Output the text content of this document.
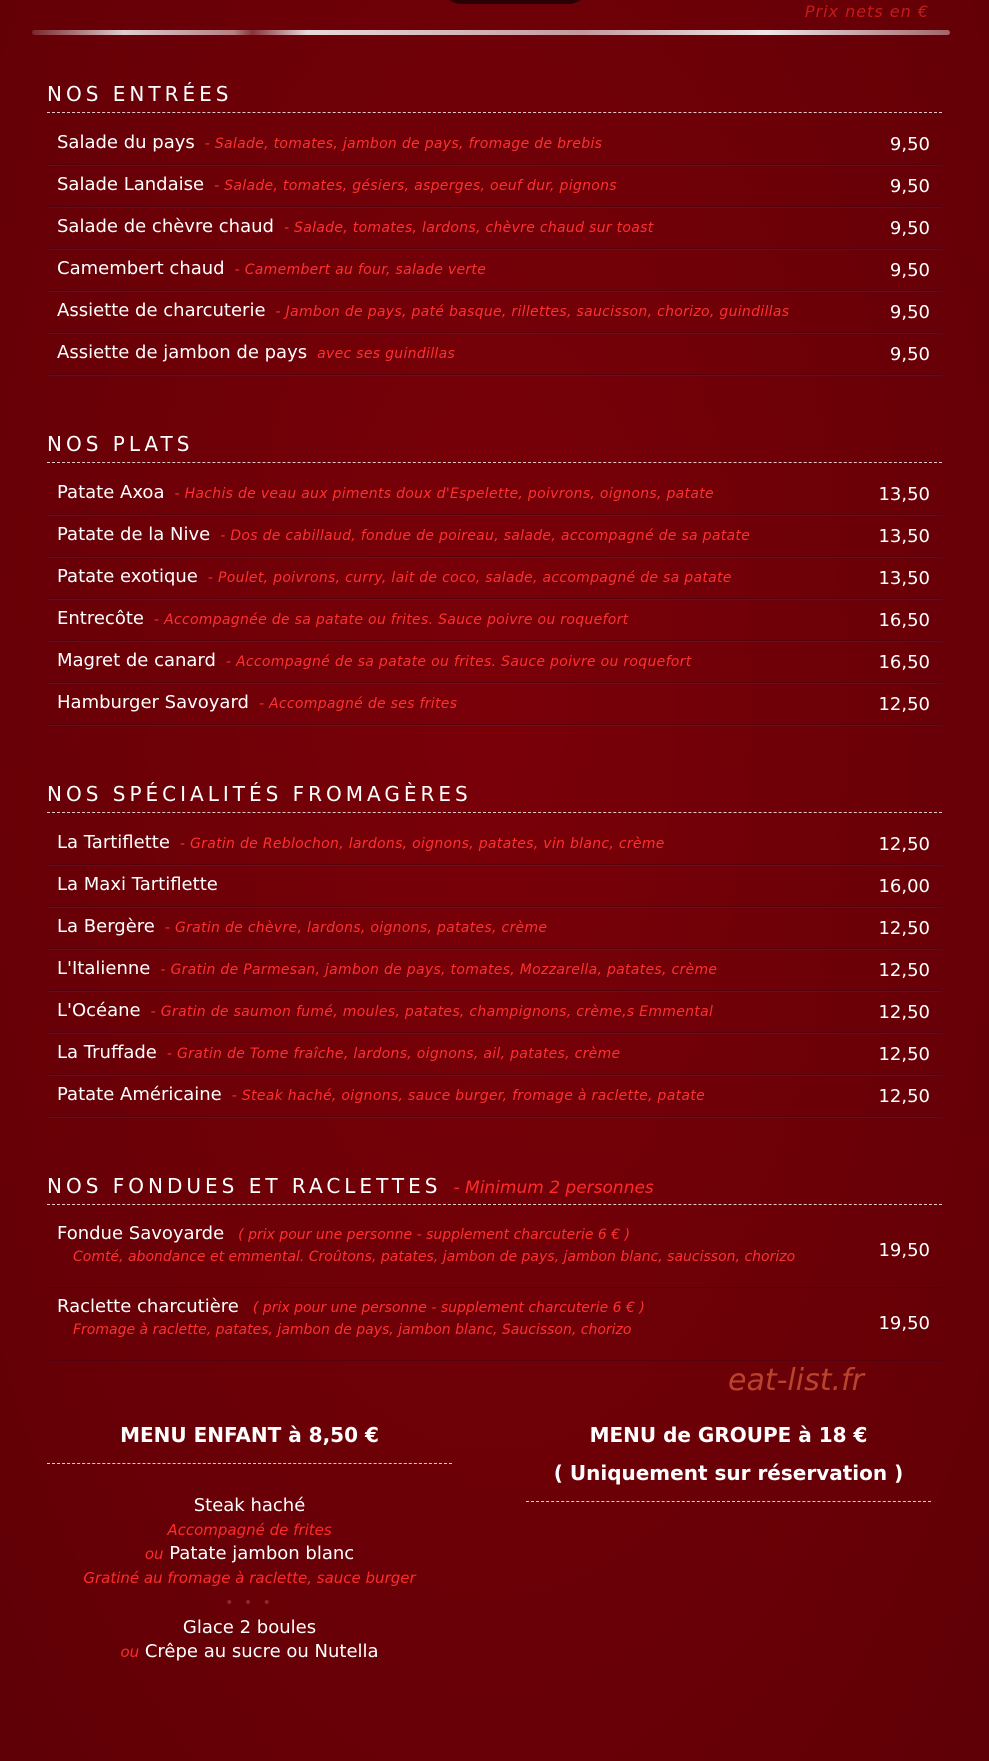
Prix nets en €
NOS ENTRÉES
Salade du pays - Salade, tomates, jambon de pays, fromage de brebis	9,50
Salade Landaise - Salade, tomates, gésiers, asperges, oeuf dur, pignons	9,50
Salade de chèvre chaud - Salade, tomates, lardons, chèvre chaud sur toast	9,50
Camembert chaud - Camembert au four, salade verte	9,50
Assiette de charcuterie - Jambon de pays, paté basque, rillettes, saucisson, chorizo, guindillas	9,50
Assiette de jambon de pays avec ses guindillas	9,50
NOS PLATS
Patate Axoa - Hachis de veau aux piments doux d'Espelette, poivrons, oignons, patate	13,50
Patate de la Nive - Dos de cabillaud, fondue de poireau, salade, accompagné de sa patate	13,50
Patate exotique - Poulet, poivrons, curry, lait de coco, salade, accompagné de sa patate	13,50
Entrecôte - Accompagnée de sa patate ou frites. Sauce poivre ou roquefort	16,50
Magret de canard - Accompagné de sa patate ou frites. Sauce poivre ou roquefort	16,50
Hamburger Savoyard - Accompagné de ses frites	12,50
NOS SPÉCIALITÉS FROMAGÈRES
La Tartiflette - Gratin de Reblochon, lardons, oignons, patates, vin blanc, crème	12,50
La Maxi Tartiflette	16,00
La Bergère - Gratin de chèvre, lardons, oignons, patates, crème	12,50
L'Italienne - Gratin de Parmesan, jambon de pays, tomates, Mozzarella, patates, crème	12,50
L'Océane - Gratin de saumon fumé, moules, patates, champignons, crème,s Emmental	12,50
La Truffade - Gratin de Tome fraîche, lardons, oignons, ail, patates, crème	12,50
Patate Américaine - Steak haché, oignons, sauce burger, fromage à raclette, patate	12,50
NOS FONDUES ET RACLETTES - Minimum 2 personnes
Fondue Savoyarde ( prix pour une personne - supplement charcuterie 6 € )
Comté, abondance et emmental. Croûtons, patates, jambon de pays, jambon blanc, saucisson, chorizo	19,50
Raclette charcutière ( prix pour une personne - supplement charcuterie 6 € )
Fromage à raclette, patates, jambon de pays, jambon blanc, Saucisson, chorizo	19,50
eat-list.fr
MENU ENFANT à 8,50 €
Steak haché
Accompagné de frites
ou Patate jambon blanc
Gratiné au fromage à raclette, sauce burger
• • •
Glace 2 boules
ou Crêpe au sucre ou Nutella
MENU de GROUPE à 18 €
( Uniquement sur réservation )
